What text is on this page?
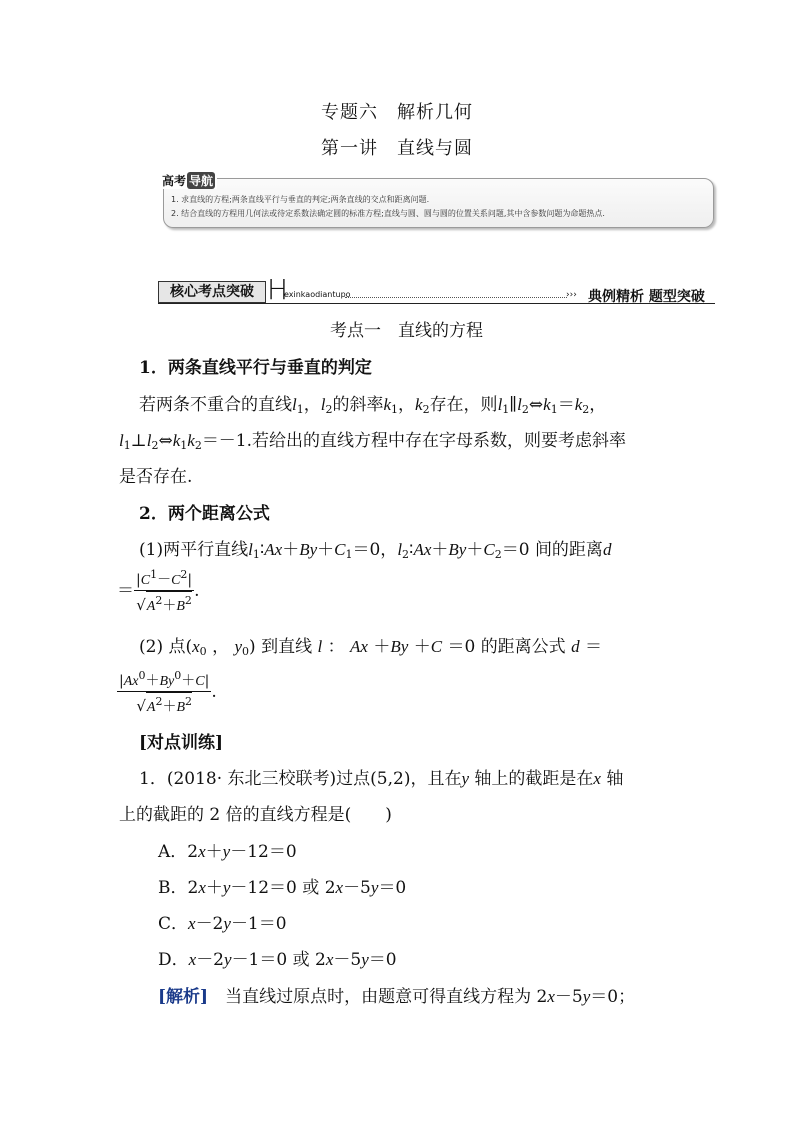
专题六　解析几何
第一讲　直线与圆
1. 求直线的方程;两条直线平行与垂直的判定;两条直线的交点和距离问题.
2. 结合直线的方程用几何法或待定系数法确定圆的标准方程;直线与圆、圆与圆的位置关系问题,其中含参数问题为命题热点.
高考 导航
核心考点突破 H
exinkaodiantupo	››› 典例精析 题型突破
考点一　直线的方程
1．两条直线平行与垂直的判定
若两条不重合的直线$l_1$，$l_2$的斜率$k_1$，$k_2$存在，则$l_1\parallel l_2\Leftrightarrow k_1=k_2$，
$l_1\perp l_2\Leftrightarrow k_1k_2=-1$.若给出的直线方程中存在字母系数，则要考虑斜率
是否存在.
2．两个距离公式
(1)两平行直线$l_1∶Ax+By+C_1=0$，$l_2∶Ax+By+C_2=0$ 间的距离d
＝ $\frac{|C^1-C^2|}{√A^2+B^2}$ .
(2) 点($x_0$ ， $y_0$) 到直线 l ： Ax ＋By ＋C ＝0 的距离公式 d ＝
$\frac{|Ax^0+By^0+C|}{√A^2+B^2}$ .
[对点训练]
1．(2018· 东北三校联考)过点(5,2)，且在y 轴上的截距是在x 轴
上的截距的 2 倍的直线方程是(　　)
A．2x＋y－12＝0
B．2x＋y－12＝0 或 2x－5y＝0
C．x－2y－1＝0
D．x－2y－1＝0 或 2x－5y＝0
[解析]　当直线过原点时，由题意可得直线方程为 2x－5y＝0；
